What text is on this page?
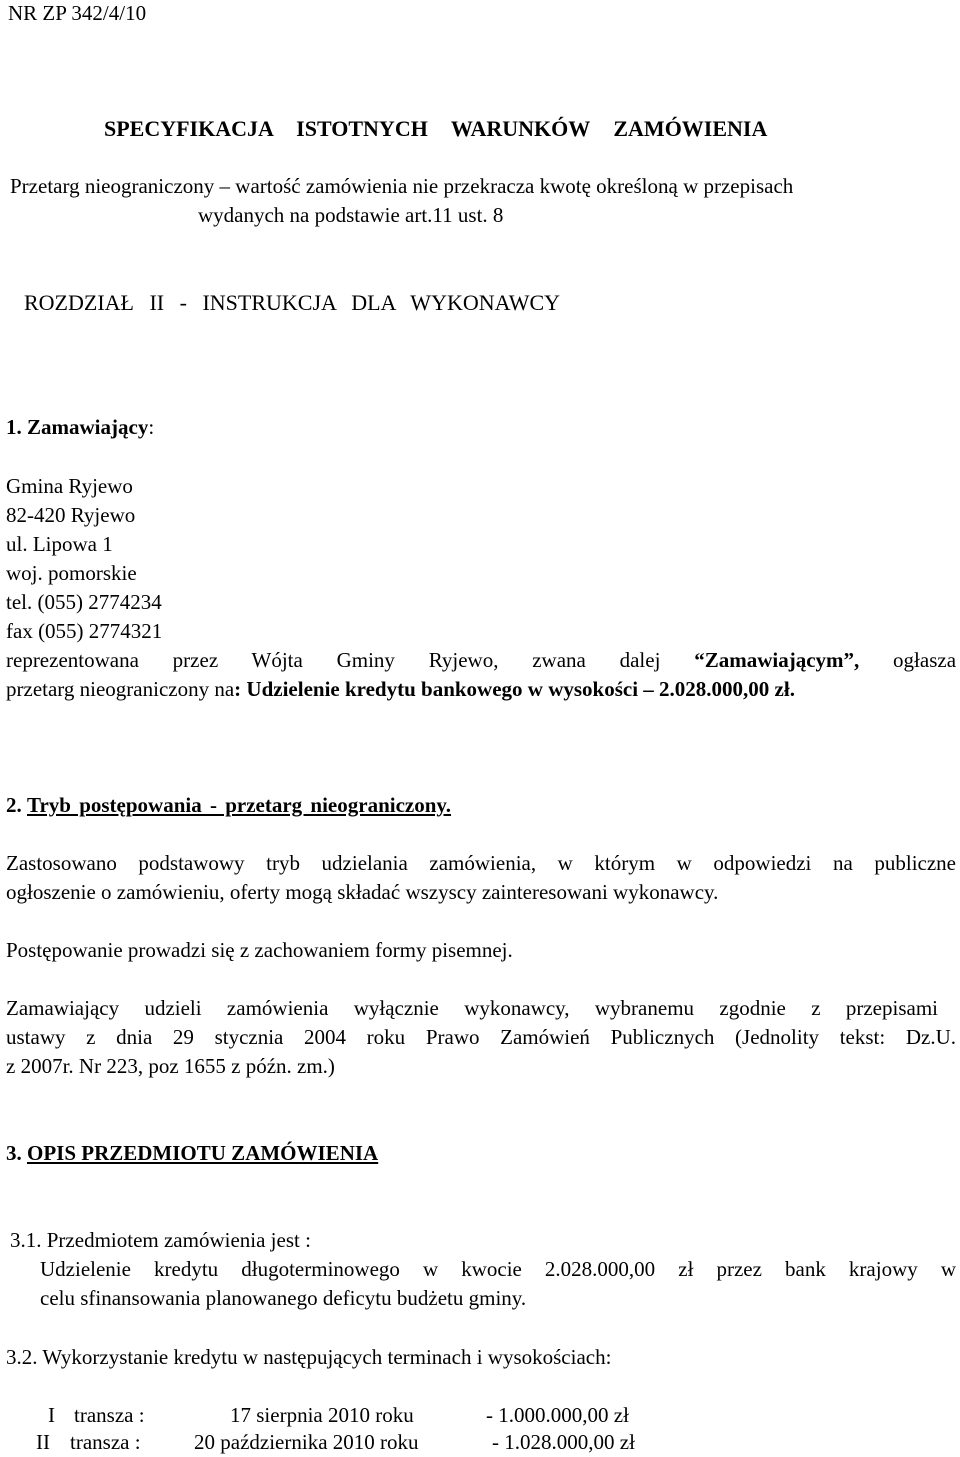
NR ZP 342/4/10
SPECYFIKACJA ISTOTNYCH WARUNKÓW ZAMÓWIENIA
Przetarg nieograniczony – wartość zamówienia nie przekracza kwotę określoną w przepisach
wydanych na podstawie art.11 ust. 8
ROZDZIAŁ II - INSTRUKCJA DLA WYKONAWCY
1. Zamawiający:
Gmina Ryjewo
82-420 Ryjewo
ul. Lipowa 1
woj. pomorskie
tel. (055) 2774234
fax (055) 2774321
reprezentowana przez Wójta Gminy Ryjewo, zwana dalej “Zamawiającym”, ogłasza
przetarg nieograniczony na: Udzielenie kredytu bankowego w wysokości – 2.028.000,00 zł.
2. Tryb postępowania - przetarg nieograniczony.
Zastosowano podstawowy tryb udzielania zamówienia, w którym w odpowiedzi na publiczne
ogłoszenie o zamówieniu, oferty mogą składać wszyscy zainteresowani wykonawcy.
Postępowanie prowadzi się z zachowaniem formy pisemnej.
Zamawiający udzieli zamówienia wyłącznie wykonawcy, wybranemu zgodnie z przepisami
ustawy z dnia 29 stycznia 2004 roku Prawo Zamówień Publicznych (Jednolity tekst: Dz.U.
z 2007r. Nr 223, poz 1655 z późn. zm.)
3. OPIS PRZEDMIOTU ZAMÓWIENIA
3.1. Przedmiotem zamówienia jest :
Udzielenie kredytu długoterminowego w kwocie 2.028.000,00 zł przez bank krajowy w
celu sfinansowania planowanego deficytu budżetu gminy.
3.2. Wykorzystanie kredytu w następujących terminach i wysokościach:
I transza :	17 sierpnia 2010 roku	- 1.000.000,00 zł
II transza :	20 października 2010 roku	- 1.028.000,00 zł
